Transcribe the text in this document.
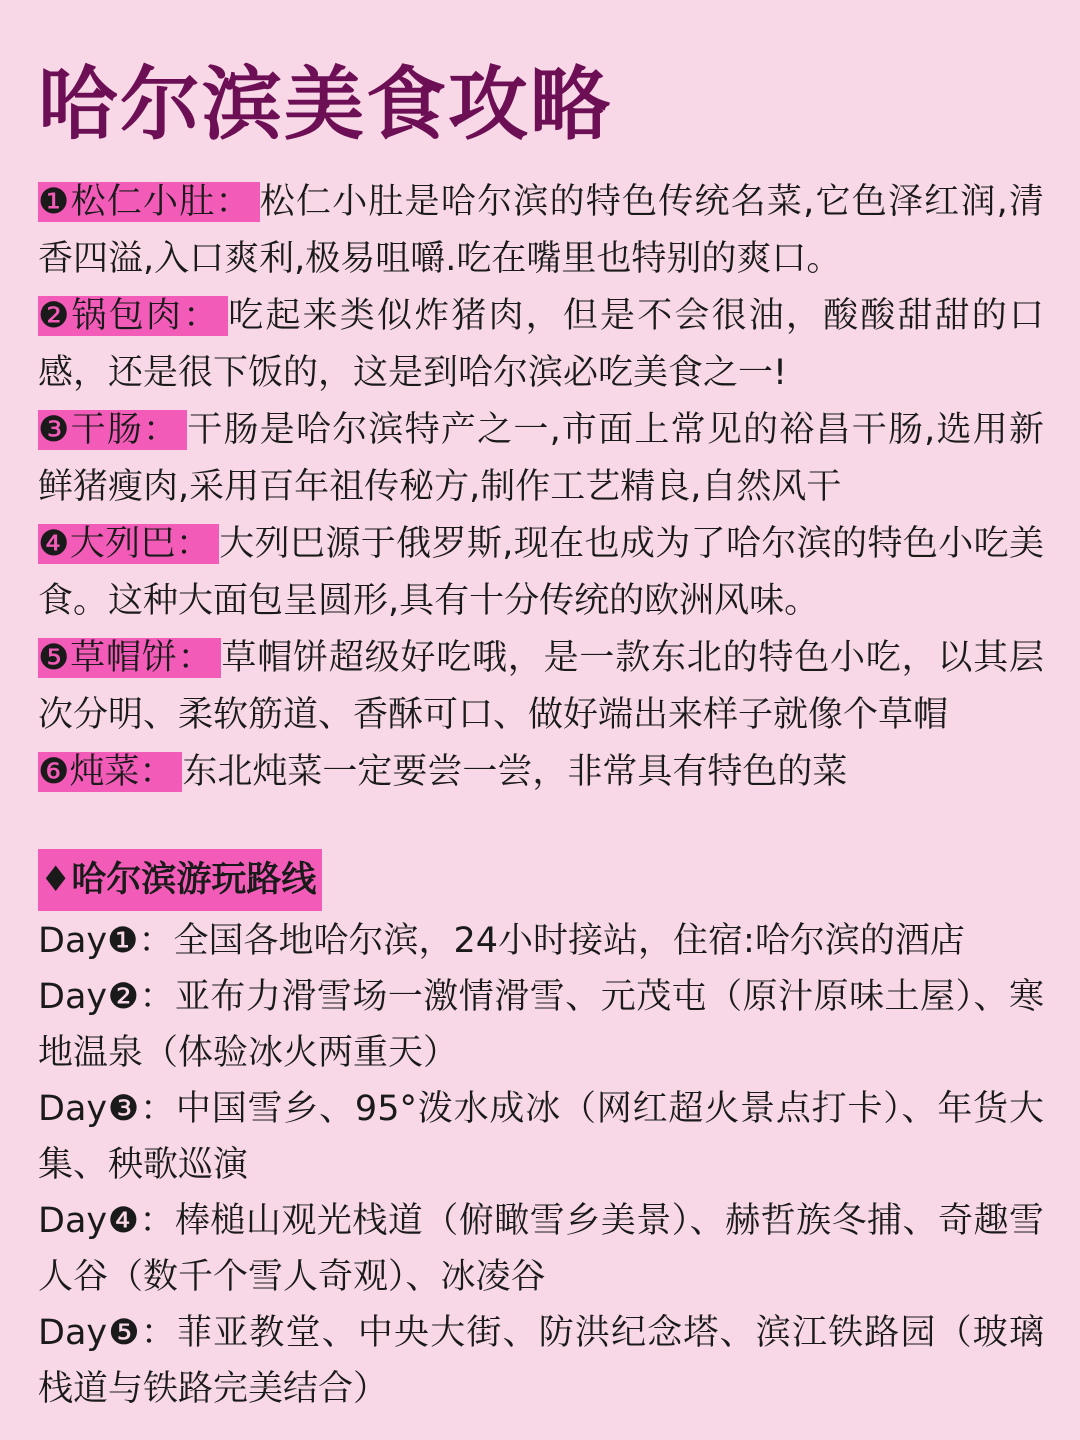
哈尔滨美食攻略

❶松仁小肚： 松仁小肚是哈尔滨的特色传统名菜,它色泽红润,清香四溢,入口爽利,极易咀嚼.吃在嘴里也特别的爽口。

❷锅包肉： 吃起来类似炸猪肉，但是不会很油，酸酸甜甜的口感，还是很下饭的，这是到哈尔滨必吃美食之一!

❸干肠： 干肠是哈尔滨特产之一,市面上常见的裕昌干肠,选用新鲜猪瘦肉,采用百年祖传秘方,制作工艺精良,自然风干

❹大列巴： 大列巴源于俄罗斯,现在也成为了哈尔滨的特色小吃美食。这种大面包呈圆形,具有十分传统的欧洲风味。

❺草帽饼： 草帽饼超级好吃哦，是一款东北的特色小吃，以其层次分明、柔软筋道、香酥可口、做好端出来样子就像个草帽

❻炖菜： 东北炖菜一定要尝一尝，非常具有特色的菜

♦哈尔滨游玩路线

Day❶：全国各地哈尔滨，24小时接站，住宿:哈尔滨的酒店

Day❷：亚布力滑雪场一激情滑雪、元茂屯（原汁原味土屋）、寒地温泉（体验冰火两重天）

Day❸：中国雪乡、95°泼水成冰（网红超火景点打卡）、年货大集、秧歌巡演

Day❹：棒槌山观光栈道（俯瞰雪乡美景）、赫哲族冬捕、奇趣雪人谷（数千个雪人奇观）、冰凌谷

Day❺：菲亚教堂、中央大街、防洪纪念塔、滨江铁路园（玻璃栈道与铁路完美结合）
